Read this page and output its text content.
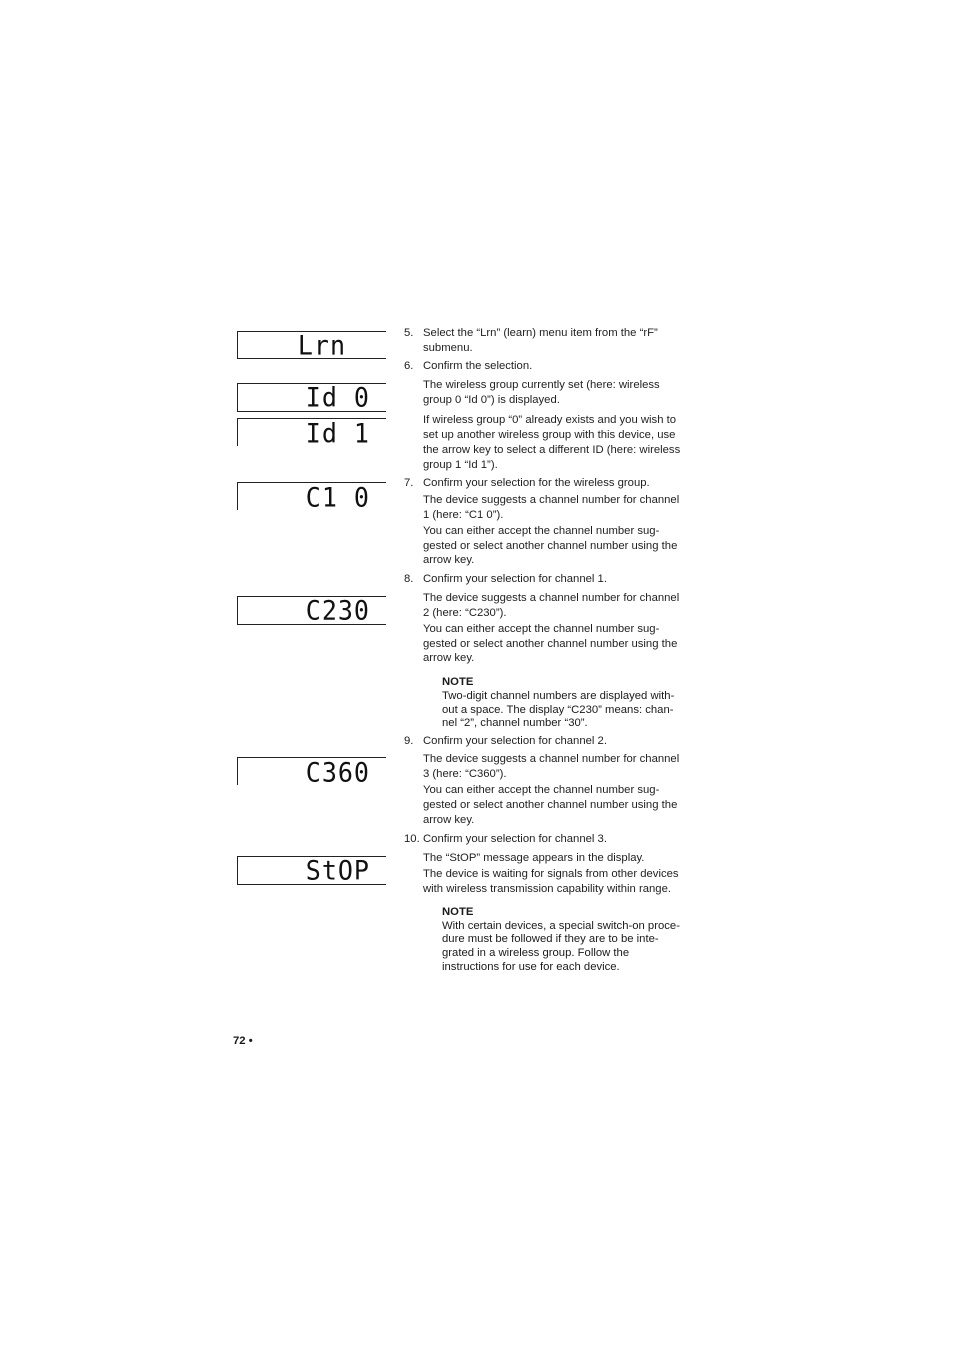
Lrn
Id 0
Id 1
C1 0
C230
C360
StOP
5. Select the “Lrn” (learn) menu item from the “rF”
submenu.
6. Confirm the selection.
The wireless group currently set (here: wireless
group 0 “Id 0”) is displayed.
If wireless group “0” already exists and you wish to
set up another wireless group with this device, use
the arrow key to select a different ID (here: wireless
group 1 “Id 1”).
7. Confirm your selection for the wireless group.
The device suggests a channel number for channel
1 (here: “C1 0”).
You can either accept the channel number sug-
gested or select another channel number using the
arrow key.
8. Confirm your selection for channel 1.
The device suggests a channel number for channel
2 (here: “C230”).
You can either accept the channel number sug-
gested or select another channel number using the
arrow key.
NOTE
Two-digit channel numbers are displayed with-
out a space. The display “C230” means: chan-
nel “2”, channel number “30”.
9. Confirm your selection for channel 2.
The device suggests a channel number for channel
3 (here: “C360”).
You can either accept the channel number sug-
gested or select another channel number using the
arrow key.
10. Confirm your selection for channel 3.
The “StOP” message appears in the display.
The device is waiting for signals from other devices
with wireless transmission capability within range.
NOTE
With certain devices, a special switch-on proce-
dure must be followed if they are to be inte-
grated in a wireless group. Follow the
instructions for use for each device.
72 •
